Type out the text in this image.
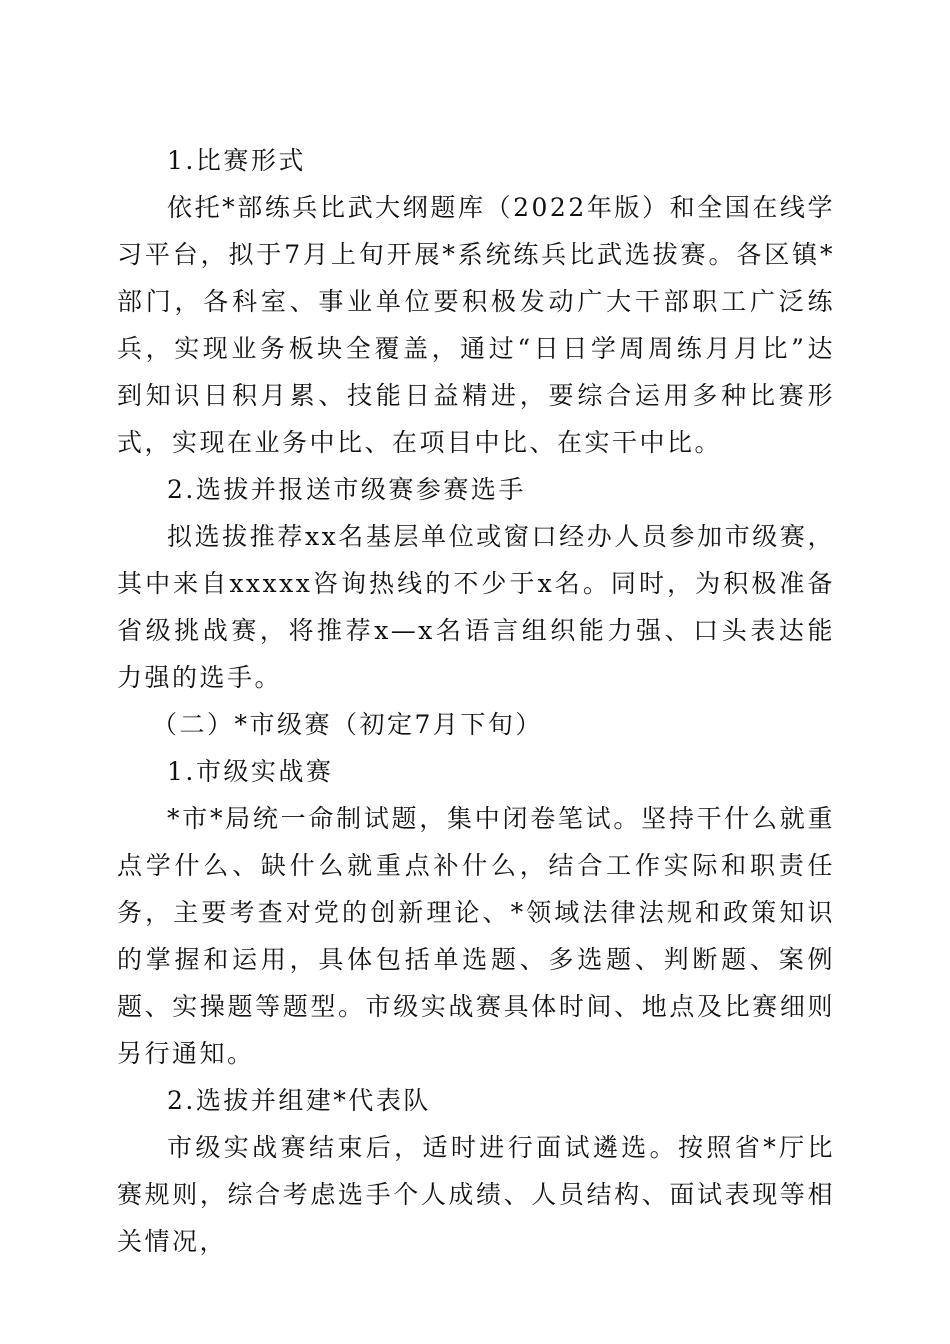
1.比赛形式

依托*部练兵比武大纲题库（2022年版）和全国在线学习平台，拟于7月上旬开展*系统练兵比武选拔赛。各区镇*部门，各科室、事业单位要积极发动广大干部职工广泛练兵，实现业务板块全覆盖，通过“日日学周周练月月比”达到知识日积月累、技能日益精进，要综合运用多种比赛形式，实现在业务中比、在项目中比、在实干中比。

2.选拔并报送市级赛参赛选手

拟选拔推荐xx名基层单位或窗口经办人员参加市级赛，其中来自xxxxx咨询热线的不少于x名。同时，为积极准备省级挑战赛，将推荐x—x名语言组织能力强、口头表达能力强的选手。

（二）*市级赛（初定7月下旬）

1.市级实战赛

*市*局统一命制试题，集中闭卷笔试。坚持干什么就重点学什么、缺什么就重点补什么，结合工作实际和职责任务，主要考查对党的创新理论、*领域法律法规和政策知识的掌握和运用，具体包括单选题、多选题、判断题、案例题、实操题等题型。市级实战赛具体时间、地点及比赛细则另行通知。

2.选拔并组建*代表队

市级实战赛结束后，适时进行面试遴选。按照省*厅比赛规则，综合考虑选手个人成绩、人员结构、面试表现等相关情况，
